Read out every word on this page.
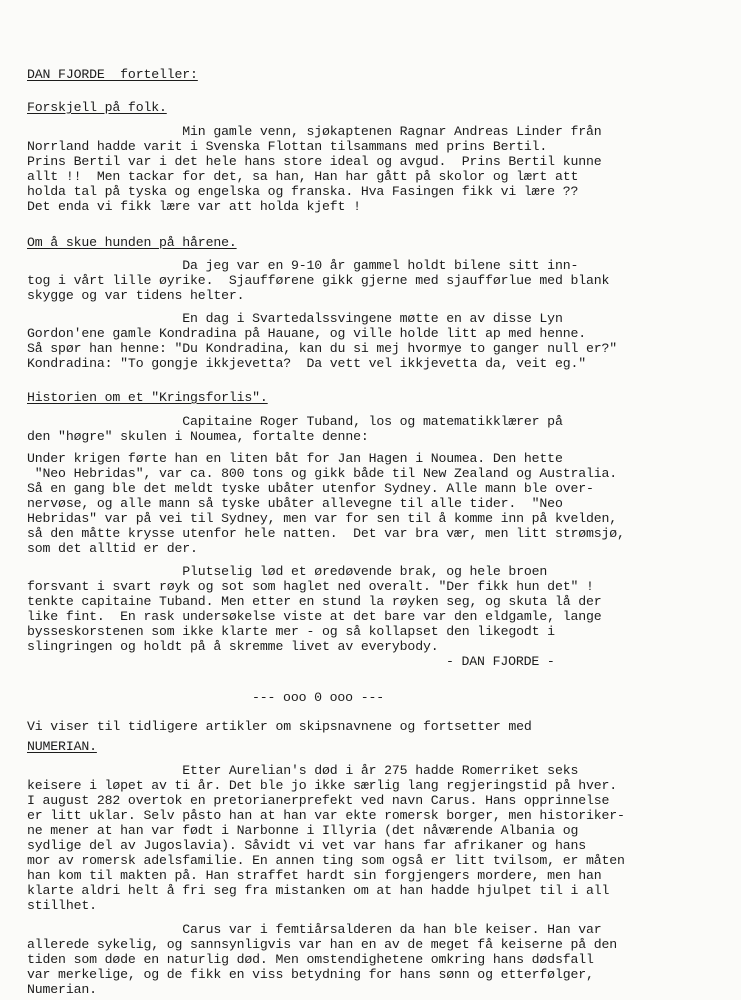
DAN FJORDE  forteller:
Forskjell på folk.
Min gamle venn, sjøkaptenen Ragnar Andreas Linder från
Norrland hadde varit i Svenska Flottan tilsammans med prins Bertil.
Prins Bertil var i det hele hans store ideal og avgud.  Prins Bertil kunne
allt !!  Men tackar for det, sa han, Han har gått på skolor og lært att
holda tal på tyska og engelska og franska. Hva Fasingen fikk vi lære ??
Det enda vi fikk lære var att holda kjeft !
Om å skue hunden på hårene.
Da jeg var en 9-10 år gammel holdt bilene sitt inn-
tog i vårt lille øyrike.  Sjaufførene gikk gjerne med sjaufførlue med blank
skygge og var tidens helter.
En dag i Svartedalssvingene møtte en av disse Lyn
Gordon'ene gamle Kondradina på Hauane, og ville holde litt ap med henne.
Så spør han henne: "Du Kondradina, kan du si mej hvormye to ganger null er?"
Kondradina: "To gongje ikkjevetta?  Da vett vel ikkjevetta da, veit eg."
Historien om et "Kringsforlis".
Capitaine Roger Tuband, los og matematikklærer på
den "høgre" skulen i Noumea, fortalte denne:
Under krigen førte han en liten båt for Jan Hagen i Noumea. Den hette
"Neo Hebridas", var ca. 800 tons og gikk både til New Zealand og Australia.
Så en gang ble det meldt tyske ubåter utenfor Sydney. Alle mann ble over-
nervøse, og alle mann så tyske ubåter allevegne til alle tider.  "Neo
Hebridas" var på vei til Sydney, men var for sen til å komme inn på kvelden,
så den måtte krysse utenfor hele natten.  Det var bra vær, men litt strømsjø,
som det alltid er der.
Plutselig lød et øredøvende brak, og hele broen
forsvant i svart røyk og sot som haglet ned overalt. "Der fikk hun det" !
tenkte capitaine Tuband. Men etter en stund la røyken seg, og skuta lå der
like fint.  En rask undersøkelse viste at det bare var den eldgamle, lange
bysseskorstenen som ikke klarte mer - og så kollapset den likegodt i
slingringen og holdt på å skremme livet av everybody.
- DAN FJORDE -
--- ooo 0 ooo ---
Vi viser til tidligere artikler om skipsnavnene og fortsetter med
NUMERIAN.
Etter Aurelian's død i år 275 hadde Romerriket seks
keisere i løpet av ti år. Det ble jo ikke særlig lang regjeringstid på hver.
I august 282 overtok en pretorianerprefekt ved navn Carus. Hans opprinnelse
er litt uklar. Selv påsto han at han var ekte romersk borger, men historiker-
ne mener at han var født i Narbonne i Illyria (det nåværende Albania og
sydlige del av Jugoslavia). Såvidt vi vet var hans far afrikaner og hans
mor av romersk adelsfamilie. En annen ting som også er litt tvilsom, er måten
han kom til makten på. Han straffet hardt sin forgjengers mordere, men han
klarte aldri helt å fri seg fra mistanken om at han hadde hjulpet til i all
stillhet.
Carus var i femtiårsalderen da han ble keiser. Han var
allerede sykelig, og sannsynligvis var han en av de meget få keiserne på den
tiden som døde en naturlig død. Men omstendighetene omkring hans dødsfall
var merkelige, og de fikk en viss betydning for hans sønn og etterfølger,
Numerian.
